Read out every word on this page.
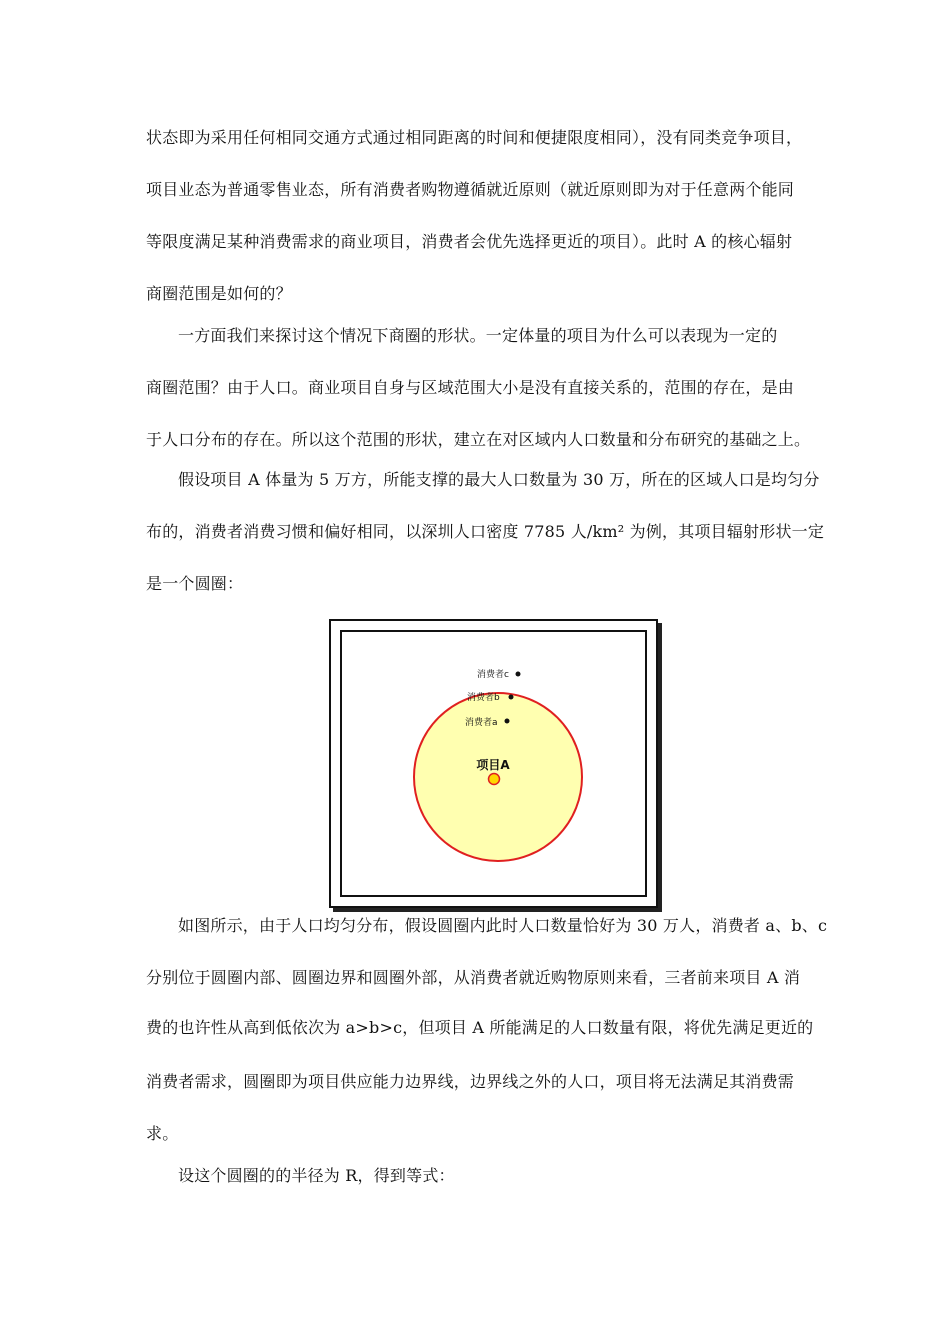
状态即为采用任何相同交通方式通过相同距离的时间和便捷限度相同），没有同类竞争项目，
项目业态为普通零售业态，所有消费者购物遵循就近原则（就近原则即为对于任意两个能同
等限度满足某种消费需求的商业项目，消费者会优先选择更近的项目）。此时 A 的核心辐射
商圈范围是如何的？
一方面我们来探讨这个情况下商圈的形状。一定体量的项目为什么可以表现为一定的
商圈范围？由于人口。商业项目自身与区域范围大小是没有直接关系的，范围的存在，是由
于人口分布的存在。所以这个范围的形状，建立在对区域内人口数量和分布研究的基础之上。
假设项目 A 体量为 5 万方，所能支撑的最大人口数量为 30 万，所在的区域人口是均匀分
布的，消费者消费习惯和偏好相同，以深圳人口密度 7785 人/km² 为例，其项目辐射形状一定
是一个圆圈：
项目A
消费者c
消费者b
消费者a
如图所示，由于人口均匀分布，假设圆圈内此时人口数量恰好为 30 万人，消费者 a、b、c
分别位于圆圈内部、圆圈边界和圆圈外部，从消费者就近购物原则来看，三者前来项目 A 消
费的也许性从高到低依次为 a>b>c，但项目 A 所能满足的人口数量有限，将优先满足更近的
消费者需求，圆圈即为项目供应能力边界线，边界线之外的人口，项目将无法满足其消费需
求。
设这个圆圈的的半径为 R，得到等式：
